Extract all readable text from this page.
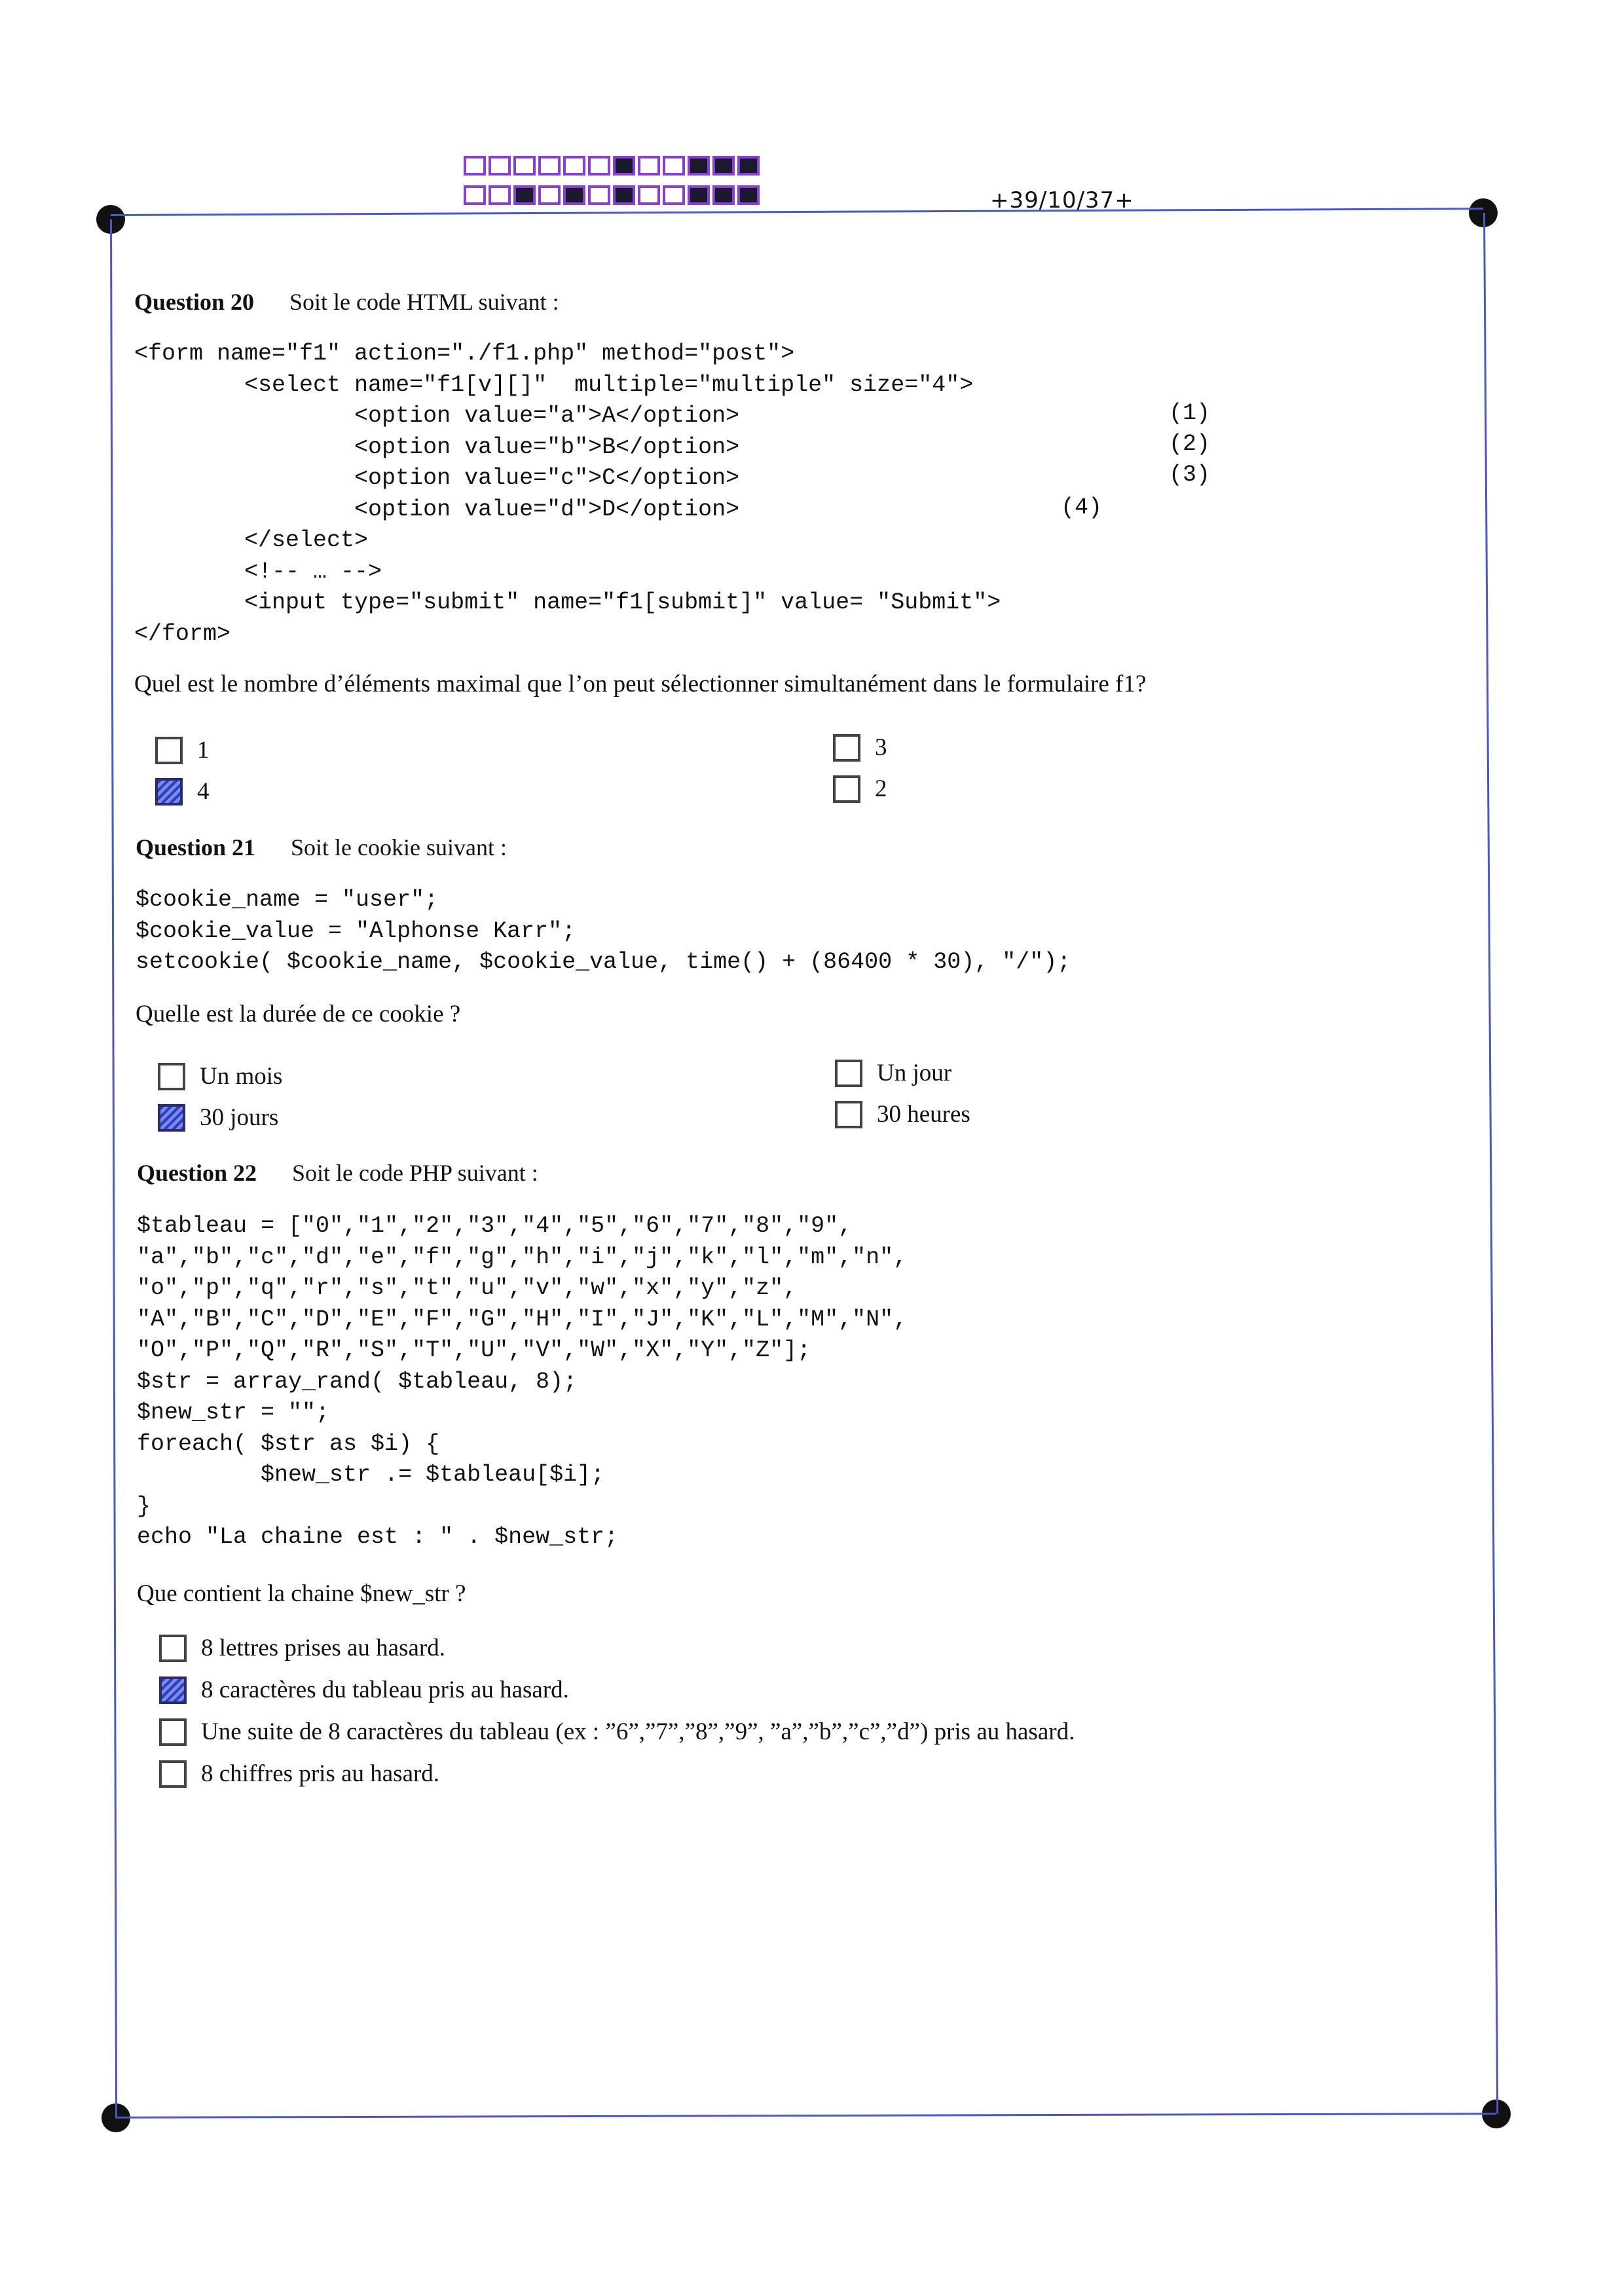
+39/10/37+
Question 20 Soit le code HTML suivant :
<form name="f1" action="./f1.php" method="post">
<select name="f1[v][]"  multiple="multiple" size="4">
<option value="a">A</option>
<option value="b">B</option>
<option value="c">C</option>
<option value="d">D</option>
</select>
<!-- … -->
<input type="submit" name="f1[submit]" value= "Submit">
</form>
(1)
(2)
(3)
(4)
Quel est le nombre d’éléments maximal que l’on peut sélectionner simultanément dans le formulaire f1?
1
4
3
2
Question 21 Soit le cookie suivant :
$cookie_name = "user";
$cookie_value = "Alphonse Karr";
setcookie( $cookie_name, $cookie_value, time() + (86400 * 30), "/");
Quelle est la durée de ce cookie ?
Un mois
30 jours
Un jour
30 heures
Question 22 Soit le code PHP suivant :
$tableau = ["0","1","2","3","4","5","6","7","8","9",
"a","b","c","d","e","f","g","h","i","j","k","l","m","n",
"o","p","q","r","s","t","u","v","w","x","y","z",
"A","B","C","D","E","F","G","H","I","J","K","L","M","N",
"O","P","Q","R","S","T","U","V","W","X","Y","Z"];
$str = array_rand( $tableau, 8);
$new_str = "";
foreach( $str as $i) {
$new_str .= $tableau[$i];
}
echo "La chaine est : " . $new_str;
Que contient la chaine $new_str ?
8 lettres prises au hasard.
8 caractères du tableau pris au hasard.
Une suite de 8 caractères du tableau (ex : ”6”,”7”,”8”,”9”, ”a”,”b”,”c”,”d”) pris au hasard.
8 chiffres pris au hasard.
